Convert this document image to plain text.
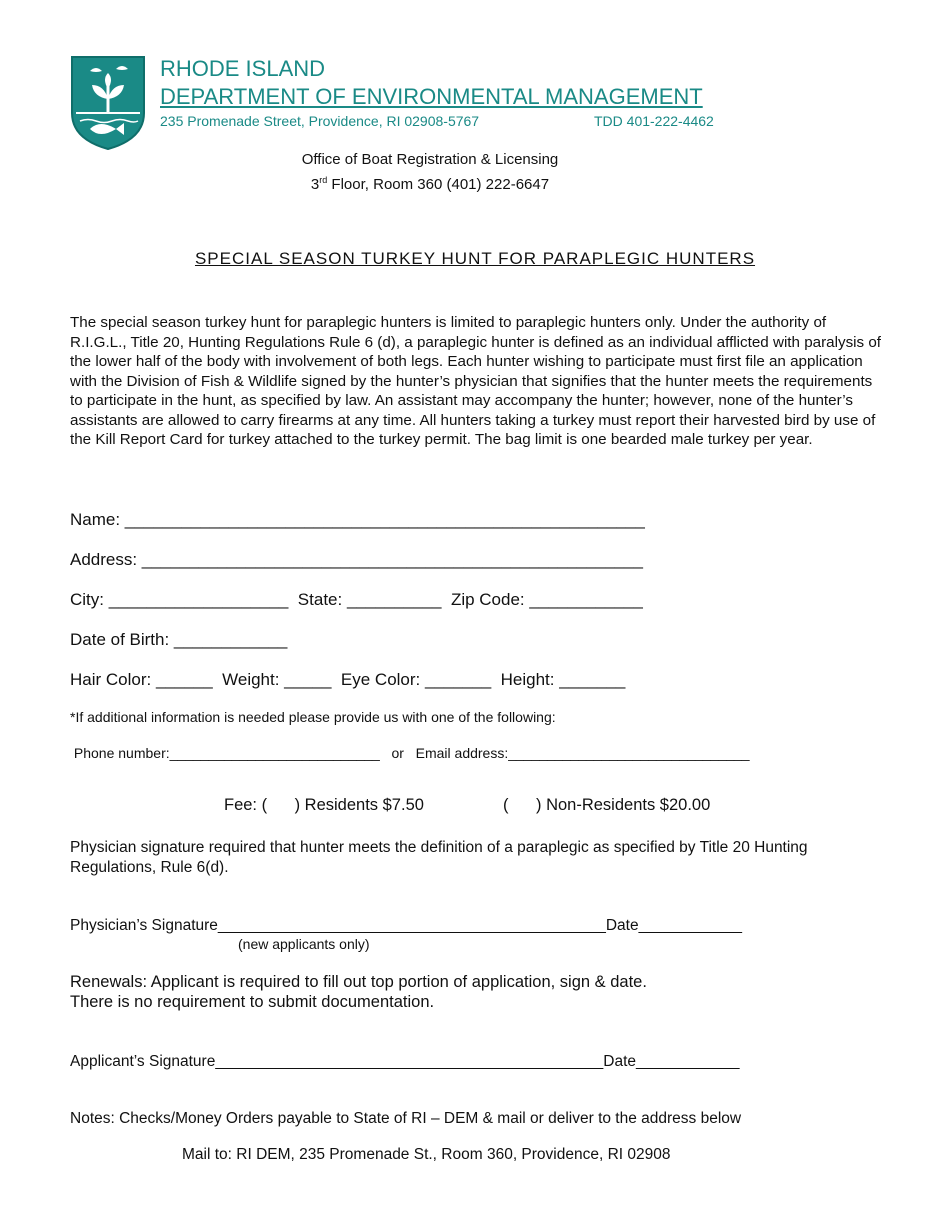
RHODE ISLAND
DEPARTMENT OF ENVIRONMENTAL MANAGEMENT
235 Promenade Street, Providence, RI 02908-5767	TDD 401-222-4462
Office of Boat Registration & Licensing
3rd Floor, Room 360 (401) 222-6647
SPECIAL SEASON TURKEY HUNT FOR PARAPLEGIC HUNTERS
The special season turkey hunt for paraplegic hunters is limited to paraplegic hunters only. Under the authority of R.I.G.L., Title 20, Hunting Regulations Rule 6 (d), a paraplegic hunter is defined as an individual afflicted with paralysis of the lower half of the body with involvement of both legs. Each hunter wishing to participate must first file an application with the Division of Fish & Wildlife signed by the hunter’s physician that signifies that the hunter meets the requirements to participate in the hunt, as specified by law. An assistant may accompany the hunter; however, none of the hunter’s assistants are allowed to carry firearms at any time. All hunters taking a turkey must report their harvested bird by use of the Kill Report Card for turkey attached to the turkey permit. The bag limit is one bearded male turkey per year.
Name: _______________________________________________________
Address: _____________________________________________________
City: ___________________  State: __________  Zip Code: ____________
Date of Birth: ____________
Hair Color: ______  Weight: _____  Eye Color: _______  Height: _______
*If additional information is needed please provide us with one of the following:
Phone number:___________________________   or   Email address:_______________________________
Fee: (      ) Residents $7.50	(      ) Non-Residents $20.00
Physician signature required that hunter meets the definition of a paraplegic as specified by Title 20 Hunting Regulations, Rule 6(d).
Physician’s Signature_____________________________________________Date____________
(new applicants only)
Renewals: Applicant is required to fill out top portion of application, sign & date.
There is no requirement to submit documentation.
Applicant’s Signature_____________________________________________Date____________
Notes: Checks/Money Orders payable to State of RI – DEM & mail or deliver to the address below
Mail to: RI DEM, 235 Promenade St., Room 360, Providence, RI 02908
